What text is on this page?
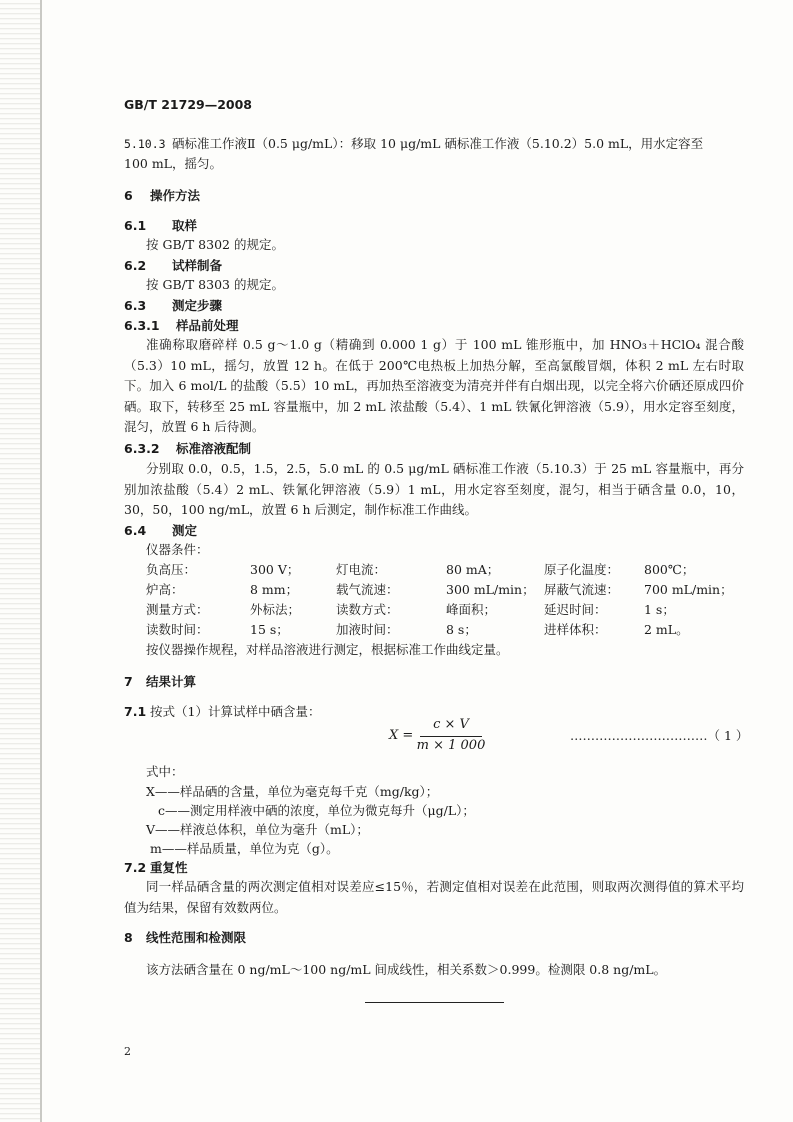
GB/T 21729—2008
5.10.3 硒标准工作液Ⅱ（0.5 μg/mL）：移取 10 μg/mL 硒标准工作液（5.10.2）5.0 mL，用水定容至
100 mL，摇匀。
6 操作方法
6.1 取样
按 GB/T 8302 的规定。
6.2 试样制备
按 GB/T 8303 的规定。
6.3 测定步骤
6.3.1 样品前处理
准确称取磨碎样 0.5 g～1.0 g（精确到 0.000 1 g）于 100 mL 锥形瓶中，加 HNO₃＋HClO₄ 混合酸（5.3）10 mL，摇匀，放置 12 h。在低于 200℃电热板上加热分解，至高氯酸冒烟，体积 2 mL 左右时取下。加入 6 mol/L 的盐酸（5.5）10 mL，再加热至溶液变为清亮并伴有白烟出现，以完全将六价硒还原成四价硒。取下，转移至 25 mL 容量瓶中，加 2 mL 浓盐酸（5.4）、1 mL 铁氰化钾溶液（5.9），用水定容至刻度，混匀，放置 6 h 后待测。
6.3.2 标准溶液配制
分别取 0.0，0.5，1.5，2.5，5.0 mL 的 0.5 μg/mL 硒标准工作液（5.10.3）于 25 mL 容量瓶中，再分别加浓盐酸（5.4）2 mL、铁氰化钾溶液（5.9）1 mL，用水定容至刻度，混匀，相当于硒含量 0.0，10，30，50，100 ng/mL，放置 6 h 后测定，制作标准工作曲线。
6.4 测定
仪器条件：
负高压：	300 V；	灯电流：	80 mA；	原子化温度： 800℃；
炉高：	8 mm；	载气流速：	300 mL/min； 屏蔽气流速： 700 mL/min；
测量方式：	外标法；	读数方式：	峰面积；	延迟时间：	1 s；
读数时间：	15 s；	加液时间：	8 s；	进样体积：	2 mL。
按仪器操作规程，对样品溶液进行测定，根据标准工作曲线定量。
7 结果计算
7.1 按式（1）计算试样中硒含量：
X =
c × V
m × 1 000
……………………………（ 1 ）
式中：
X——样品硒的含量，单位为毫克每千克（mg/kg）；
c——测定用样液中硒的浓度，单位为微克每升（μg/L）；
V——样液总体积，单位为毫升（mL）；
m——样品质量，单位为克（g）。
7.2 重复性
同一样品硒含量的两次测定值相对误差应≤15％，若测定值相对误差在此范围，则取两次测得值的算术平均值为结果，保留有效数两位。
8 线性范围和检测限
该方法硒含量在 0 ng/mL～100 ng/mL 间成线性，相关系数＞0.999。检测限 0.8 ng/mL。
2
